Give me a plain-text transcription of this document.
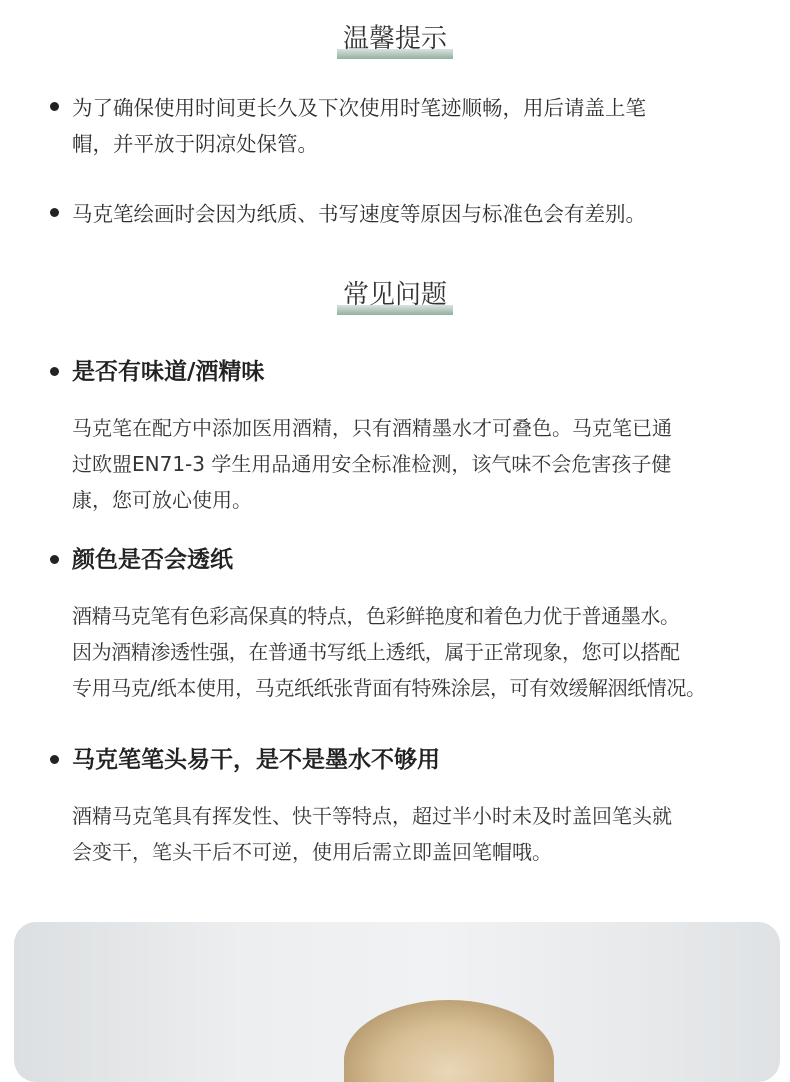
温馨提示
为了确保使用时间更长久及下次使用时笔迹顺畅，用后请盖上笔
帽，并平放于阴凉处保管。
马克笔绘画时会因为纸质、书写速度等原因与标准色会有差别。
常见问题
是否有味道/酒精味
马克笔在配方中添加医用酒精，只有酒精墨水才可叠色。马克笔已通
过欧盟EN71-3 学生用品通用安全标准检测，该气味不会危害孩子健
康，您可放心使用。
颜色是否会透纸
酒精马克笔有色彩高保真的特点，色彩鲜艳度和着色力优于普通墨水。
因为酒精渗透性强，在普通书写纸上透纸，属于正常现象，您可以搭配
专用马克/纸本使用，马克纸纸张背面有特殊涂层，可有效缓解洇纸情况。
马克笔笔头易干，是不是墨水不够用
酒精马克笔具有挥发性、快干等特点，超过半小时未及时盖回笔头就
会变干，笔头干后不可逆，使用后需立即盖回笔帽哦。
